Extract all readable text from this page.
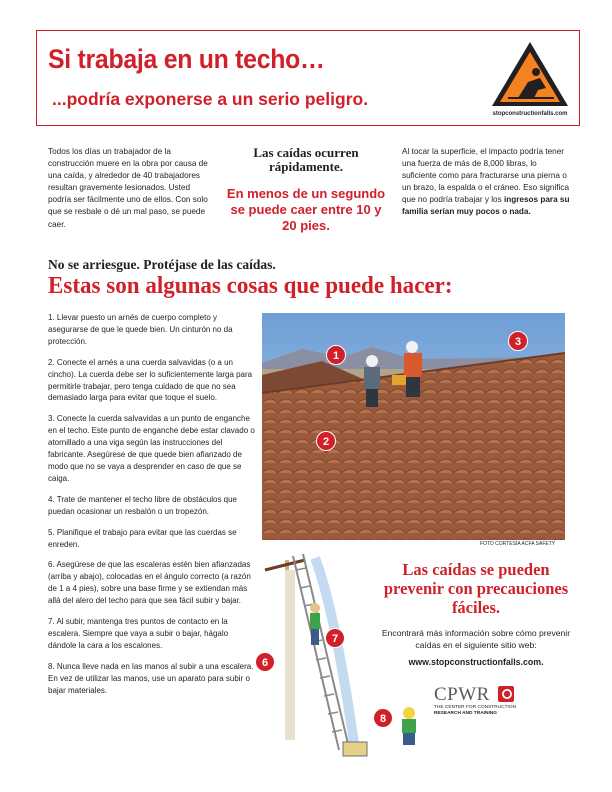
Si trabaja en un techo…
...podría exponerse a un serio peligro.
stopconstructionfalls.com
Todos los días un trabajador de la construcción muere en la obra por causa de una caída, y alrededor de 40 trabajadores resultan gravemente lesionados. Usted podría ser fácilmente uno de ellos. Con solo que se resbale o dé un mal paso, se puede caer.
Las caídas ocurren rápidamente.
En menos de un segundo se puede caer entre 10 y 20 pies.
Al tocar la superficie, el impacto podría tener una fuerza de más de 8,000 libras, lo suficiente como para fracturarse una pierna o un brazo, la espalda o el cráneo. Eso significa que no podría trabajar y los ingresos para su familia serían muy pocos o nada.
No se arriesgue. Protéjase de las caídas.
Estas son algunas cosas que puede hacer:

1. Llevar puesto un arnés de cuerpo completo y asegurarse de que le quede bien. Un cinturón no da protección.

2. Conecte el arnés a una cuerda salvavidas (o a un cincho). La cuerda debe ser lo suficientemente larga para permitirle trabajar, pero tenga cuidado de que no sea demasiado larga para evitar que toque el suelo.

3. Conecte la cuerda salvavidas a un punto de enganche en el techo. Este punto de enganche debe estar clavado o atornillado a una viga según las instrucciones del fabricante. Asegúrese de que quede bien afianzado de modo que no se vaya a desprender en caso de que se caiga.

4. Trate de mantener el techo libre de obstáculos que puedan ocasionar un resbalón o un tropezón.

5. Planifique el trabajo para evitar que las cuerdas se enreden.

6. Asegúrese de que las escaleras estén bien afianzadas (arriba y abajo), colocadas en el ángulo correcto (a razón de 1 a 4 pies), sobre una base firme y se extiendan más allá del alero del techo para que sea fácil subir y bajar.

7. Al subir, mantenga tres puntos de contacto en la escalera. Siempre que vaya a subir o bajar, hágalo dándole la cara a los escalones.

8. Nunca lleve nada en las manos al subir a una escalera. En vez de utilizar las manos, use un aparato para subir o bajar materiales.

1
2
3
FOTO CORTESÍA ACFA SAFETY
6
7
8
Las caídas se pueden prevenir con precauciones fáciles.
Encontrará más información sobre cómo prevenir caídas en el siguiente sitio web:
www.stopconstructionfalls.com.
CPWR
THE CENTER FOR CONSTRUCTION
RESEARCH AND TRAINING
